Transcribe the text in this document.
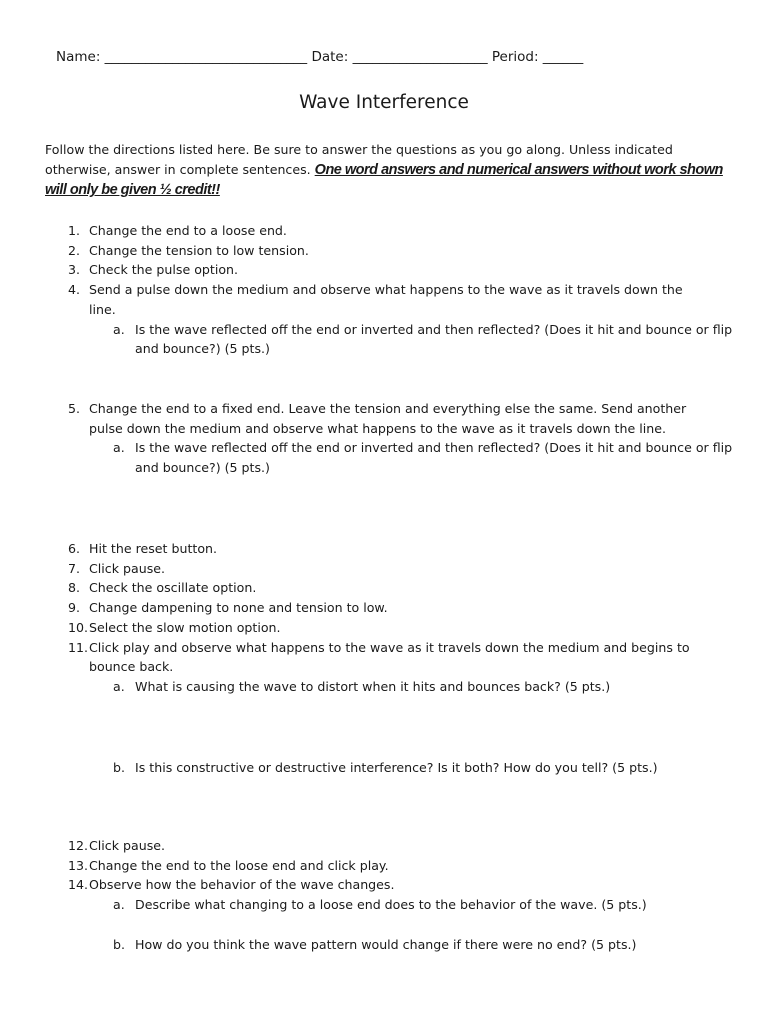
Name: ______________________________ Date: ____________________ Period: ______
Wave Interference
Follow the directions listed here. Be sure to answer the questions as you go along. Unless indicated otherwise, answer in complete sentences. One word answers and numerical answers without work shown will only be given ½ credit!!
1. Change the end to a loose end.
2. Change the tension to low tension.
3. Check the pulse option.
4. Send a pulse down the medium and observe what happens to the wave as it travels down the line.
a. Is the wave reflected off the end or inverted and then reflected? (Does it hit and bounce or flip and bounce?) (5 pts.)
5. Change the end to a fixed end. Leave the tension and everything else the same. Send another pulse down the medium and observe what happens to the wave as it travels down the line.
a. Is the wave reflected off the end or inverted and then reflected? (Does it hit and bounce or flip and bounce?) (5 pts.)
6. Hit the reset button.
7. Click pause.
8. Check the oscillate option.
9. Change dampening to none and tension to low.
10. Select the slow motion option.
11. Click play and observe what happens to the wave as it travels down the medium and begins to bounce back.
a. What is causing the wave to distort when it hits and bounces back? (5 pts.)
b. Is this constructive or destructive interference? Is it both? How do you tell? (5 pts.)
12. Click pause.
13. Change the end to the loose end and click play.
14. Observe how the behavior of the wave changes.
a. Describe what changing to a loose end does to the behavior of the wave. (5 pts.)
b. How do you think the wave pattern would change if there were no end? (5 pts.)
